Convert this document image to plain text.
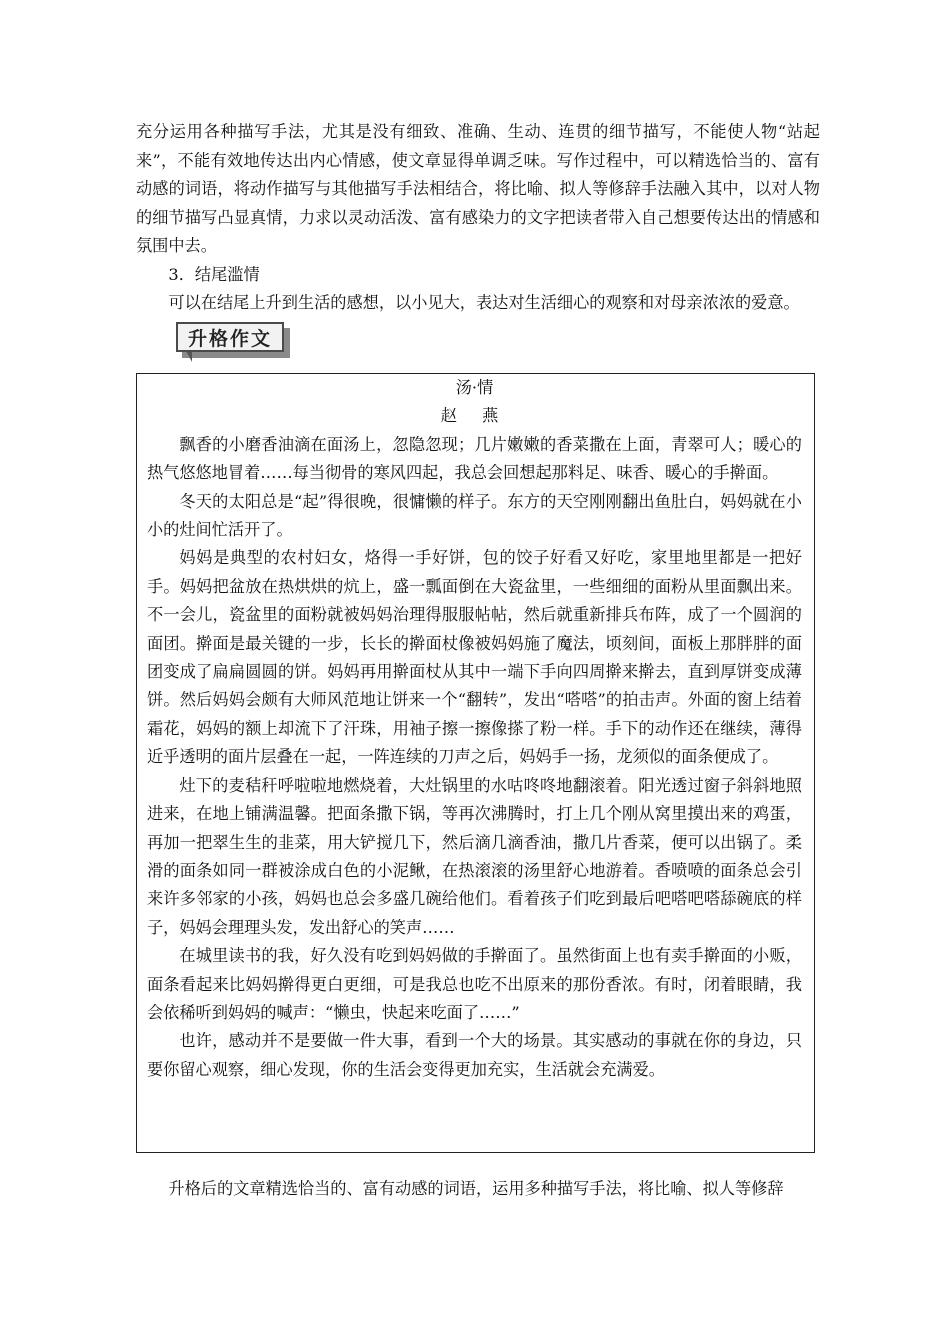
充分运用各种描写手法，尤其是没有细致、准确、生动、连贯的细节描写，不能使人物“站起来”，不能有效地传达出内心情感，使文章显得单调乏味。写作过程中，可以精选恰当的、富有动感的词语，将动作描写与其他描写手法相结合，将比喻、拟人等修辞手法融入其中，以对人物的细节描写凸显真情，力求以灵动活泼、富有感染力的文字把读者带入自己想要传达出的情感和氛围中去。

3．结尾滥情

可以在结尾上升到生活的感想，以小见大，表达对生活细心的观察和对母亲浓浓的爱意。

升格作文

汤·情

赵 燕

飘香的小磨香油滴在面汤上，忽隐忽现；几片嫩嫩的香菜撒在上面，青翠可人；暖心的热气悠悠地冒着……每当彻骨的寒风四起，我总会回想起那料足、味香、暖心的手擀面。

冬天的太阳总是“起”得很晚，很慵懒的样子。东方的天空刚刚翻出鱼肚白，妈妈就在小小的灶间忙活开了。

妈妈是典型的农村妇女，烙得一手好饼，包的饺子好看又好吃，家里地里都是一把好手。妈妈把盆放在热烘烘的炕上，盛一瓢面倒在大瓷盆里，一些细细的面粉从里面飘出来。不一会儿，瓷盆里的面粉就被妈妈治理得服服帖帖，然后就重新排兵布阵，成了一个圆润的面团。擀面是最关键的一步，长长的擀面杖像被妈妈施了魔法，顷刻间，面板上那胖胖的面团变成了扁扁圆圆的饼。妈妈再用擀面杖从其中一端下手向四周擀来擀去，直到厚饼变成薄饼。然后妈妈会颇有大师风范地让饼来一个“翻转”，发出“嗒嗒”的拍击声。外面的窗上结着霜花，妈妈的额上却流下了汗珠，用袖子擦一擦像搽了粉一样。手下的动作还在继续，薄得近乎透明的面片层叠在一起，一阵连续的刀声之后，妈妈手一扬，龙须似的面条便成了。

灶下的麦秸秆呼啦啦地燃烧着，大灶锅里的水咕咚咚地翻滚着。阳光透过窗子斜斜地照进来，在地上铺满温馨。把面条撒下锅，等再次沸腾时，打上几个刚从窝里摸出来的鸡蛋，再加一把翠生生的韭菜，用大铲搅几下，然后滴几滴香油，撒几片香菜，便可以出锅了。柔滑的面条如同一群被涂成白色的小泥鳅，在热滚滚的汤里舒心地游着。香喷喷的面条总会引来许多邻家的小孩，妈妈也总会多盛几碗给他们。看着孩子们吃到最后吧嗒吧嗒舔碗底的样子，妈妈会理理头发，发出舒心的笑声……

在城里读书的我，好久没有吃到妈妈做的手擀面了。虽然街面上也有卖手擀面的小贩，面条看起来比妈妈擀得更白更细，可是我总也吃不出原来的那份香浓。有时，闭着眼睛，我会依稀听到妈妈的喊声：“懒虫，快起来吃面了……”

也许，感动并不是要做一件大事，看到一个大的场景。其实感动的事就在你的身边，只要你留心观察，细心发现，你的生活会变得更加充实，生活就会充满爱。

升格后的文章精选恰当的、富有动感的词语，运用多种描写手法，将比喻、拟人等修辞
